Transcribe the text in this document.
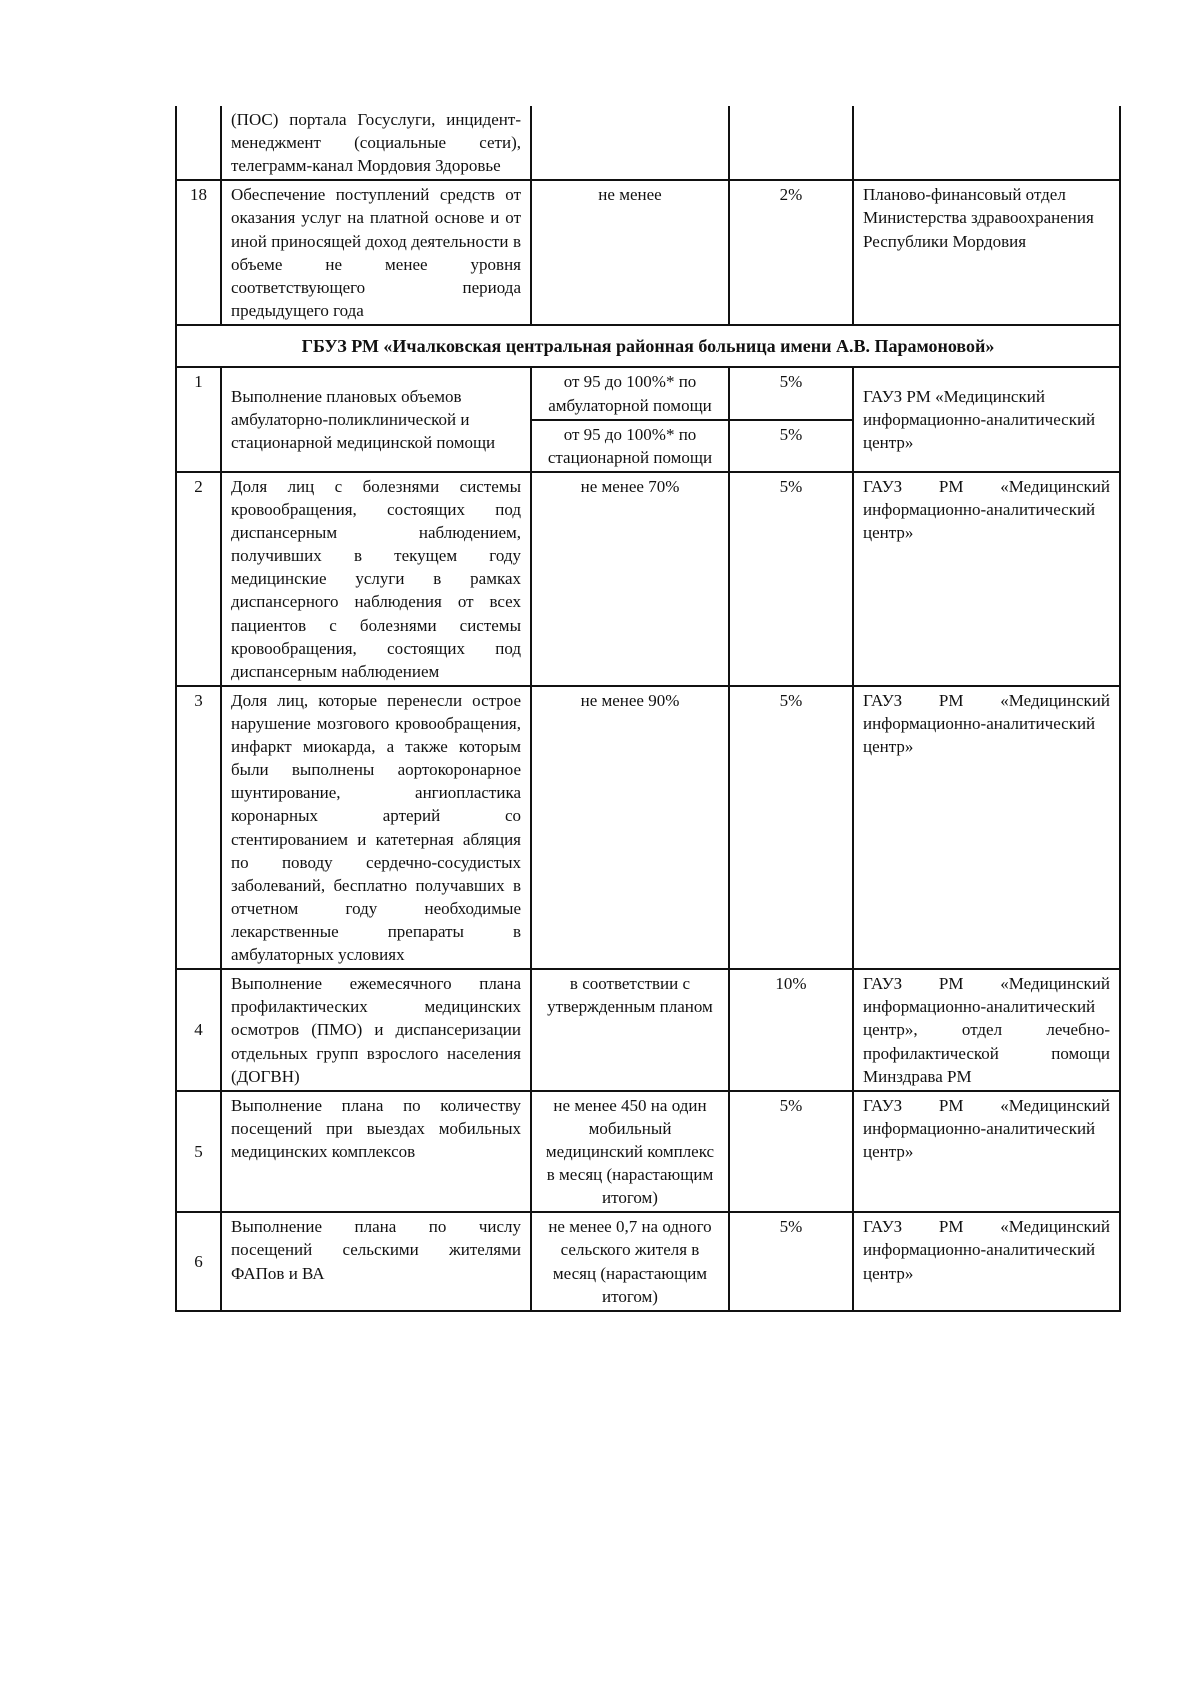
	(ПОС) портала Госуслуги, инцидент-менеджмент (социальные сети), телеграмм-канал Мордовия Здоровье			
18	Обеспечение поступлений средств от оказания услуг на платной основе и от иной приносящей доход деятельности в объеме не менее уровня соответствующего периода предыдущего года	не менее	2%	Планово-финансовый отдел Министерства здравоохранения Республики Мордовия
ГБУЗ РМ «Ичалковская центральная районная больница имени А.В. Парамоновой»				
1	Выполнение плановых объемов амбулаторно-поликлинической и стационарной медицинской помощи	от 95 до 100%* по амбулаторной помощи	5%	ГАУЗ РМ «Медицинский информационно-аналитический центр»
		от 95 до 100%* по стационарной помощи	5%	
2	Доля лиц с болезнями системы кровообращения, состоящих под диспансерным наблюдением, получивших в текущем году медицинские услуги в рамках диспансерного наблюдения от всех пациентов с болезнями системы кровообращения, состоящих под диспансерным наблюдением	не менее 70%	5%	ГАУЗ РМ «Медицинский информационно-аналитический центр»
3	Доля лиц, которые перенесли острое нарушение мозгового кровообращения, инфаркт миокарда, а также которым были выполнены аортокоронарное шунтирование, ангиопластика коронарных артерий со стентированием и катетерная абляция по поводу сердечно-сосудистых заболеваний, бесплатно получавших в отчетном году необходимые лекарственные препараты в амбулаторных условиях	не менее 90%	5%	ГАУЗ РМ «Медицинский информационно-аналитический центр»
4	Выполнение ежемесячного плана профилактических медицинских осмотров (ПМО) и диспансеризации отдельных групп взрослого населения (ДОГВН)	в соответствии с утвержденным планом	10%	ГАУЗ РМ «Медицинский информационно-аналитический центр», отдел лечебно-профилактической помощи Минздрава РМ
5	Выполнение плана по количеству посещений при выездах мобильных медицинских комплексов	не менее 450 на один мобильный медицинский комплекс в месяц (нарастающим итогом)	5%	ГАУЗ РМ «Медицинский информационно-аналитический центр»
6	Выполнение плана по числу посещений сельскими жителями ФАПов и ВА	не менее 0,7 на одного сельского жителя в месяц (нарастающим итогом)	5%	ГАУЗ РМ «Медицинский информационно-аналитический центр»
